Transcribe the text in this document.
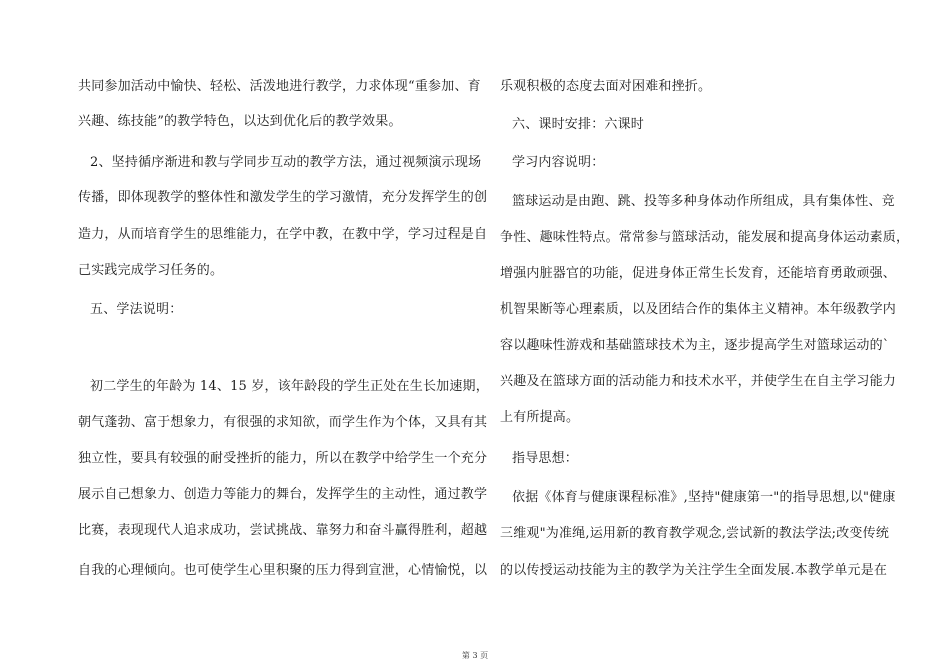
共同参加活动中愉快、轻松、活泼地进行教学，力求体现“重参加、育
兴趣、练技能”的教学特色，以达到优化后的教学效果。
2、坚持循序渐进和教与学同步互动的教学方法，通过视频演示现场
传播，即体现教学的整体性和激发学生的学习激情，充分发挥学生的创
造力，从而培育学生的思维能力，在学中教，在教中学，学习过程是自
己实践完成学习任务的。
五、学法说明：
初二学生的年龄为 14、15 岁，该年龄段的学生正处在生长加速期，
朝气蓬勃、富于想象力，有很强的求知欲，而学生作为个体，又具有其
独立性，要具有较强的耐受挫折的能力，所以在教学中给学生一个充分
展示自己想象力、创造力等能力的舞台，发挥学生的主动性，通过教学
比赛，表现现代人追求成功，尝试挑战、靠努力和奋斗赢得胜利，超越
自我的心理倾向。也可使学生心里积聚的压力得到宣泄，心情愉悦，以
乐观积极的态度去面对困难和挫折。
六、课时安排：六课时
学习内容说明：
篮球运动是由跑、跳、投等多种身体动作所组成，具有集体性、竞
争性、趣味性特点。常常参与篮球活动，能发展和提高身体运动素质，
增强内脏器官的功能，促进身体正常生长发育，还能培育勇敢顽强、
机智果断等心理素质，以及团结合作的集体主义精神。本年级教学内
容以趣味性游戏和基础篮球技术为主，逐步提高学生对篮球运动的`
兴趣及在篮球方面的活动能力和技术水平，并使学生在自主学习能力
上有所提高。
指导思想：
依据《体育与健康课程标准》,坚持"健康第一"的指导思想,以"健康
三维观"为准绳,运用新的教育教学观念,尝试新的教法学法;改变传统
的以传授运动技能为主的教学为关注学生全面发展.本教学单元是在
第 3 页
